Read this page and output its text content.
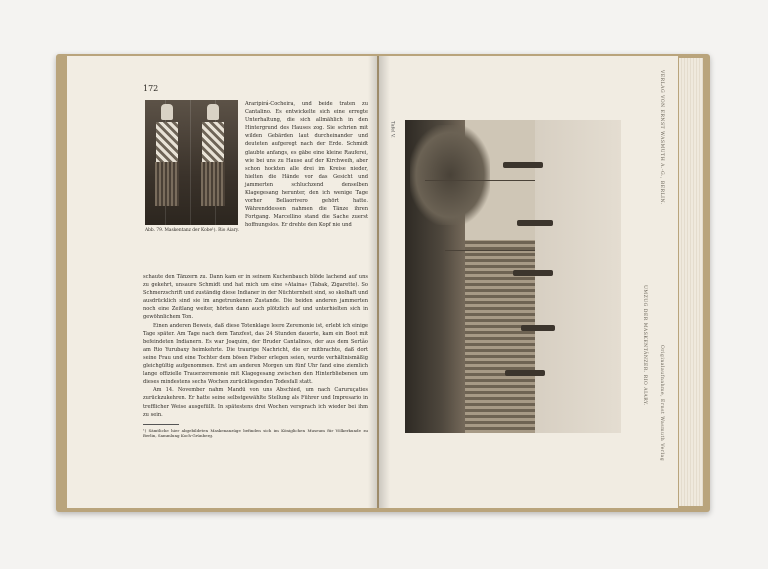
172
Abb. 79. Maskentanz der Kobe¹). Rio Aiary.

Araripirá-Cocheira, und beide traten zu Cantalino. Es entwickelte sich eine erregte Unterhaltung, die sich allmählich in den Hintergrund des Hauses zog. Sie schrien mit wilden Gebärden laut durcheinander und deuteten aufgeregt nach der Erde. Schmidt glaubte anfangs, es gäbe eine kleine Rauferei, wie bei uns zu Hause auf der Kirchweih, aber schon hockten alle drei im Kreise nieder, hielten die Hände vor das Gesicht und jammerten schluchzend denselben Klagegesang herunter, den ich wenige Tage vorher Bellaorivero gehört hatte. Währenddessen nahmen die Tänze ihren Fortgang. Marcellino stand die Sache zuerst hoffnungslos. Er drehte den Kopf nie und

schaute den Tänzern zu. Dann kam er in seinem Kuchenbauch blöde lachend auf uns zu gekehrt, unsaure Schmidt und hat mich um eine »Ataina« (Tabak, Zigarette). So Schmerzschrift und zuständig diese Indianer in der Nüchternheit sind, so skolhaft und ausdrücklich sind sie im angetrunkenen Zustande. Die beiden anderen jammerten noch eine Zeitlang weiter, hörten dann auch plötzlich auf und unterhielten sich in gewöhnlichem Ton.

Einen anderen Beweis, daß diese Totenklage leere Zeremonie ist, erlebt ich einige Tage später. Am Tage nach dem Tanzfest, das 24 Stunden dauerte, kam ein Boot mit befeindeten Indianern. Es war Joaquim, der Bruder Cantalinos, der aus dem Sertão am Rio Yurubaxy heimkehrte. Die traurige Nachricht, die er mitbrachte, daß dort seine Frau und eine Tochter dem bösen Fieber erlegen seien, wurde verhältnismäßig gleichgültig aufgenommen. Erst am anderen Morgen um fünf Uhr fand eine ziemlich lange offizielle Trauerzeremonie mit Klagegesang zwischen den Hinterbliebenen um dieses mindestens sechs Wochen zurückliegenden Todesfall statt.

Am 14. November nahm Mandü von uns Abschied, um nach Caruruçaties zurückzukehren. Er hatte seine selbstgewählte Stellung als Führer und Impresario in trefflicher Weise ausgefüllt. In spätestens drei Wochen versprach ich wieder bei ihm zu sein.

¹) Sämtliche hier abgebildeten Maskenanzüge befinden sich im Königlichen Museum für Völkerkunde zu Berlin, Sammlung Koch-Grünberg.
Tafel V.
UMZUG DER MASKENTÄNZER. RIO AIARY.	Originalaufnahme, Ernst Wasmuth Verlag
VERLAG VON ERNST WASMUTH A.-G., BERLIN.
